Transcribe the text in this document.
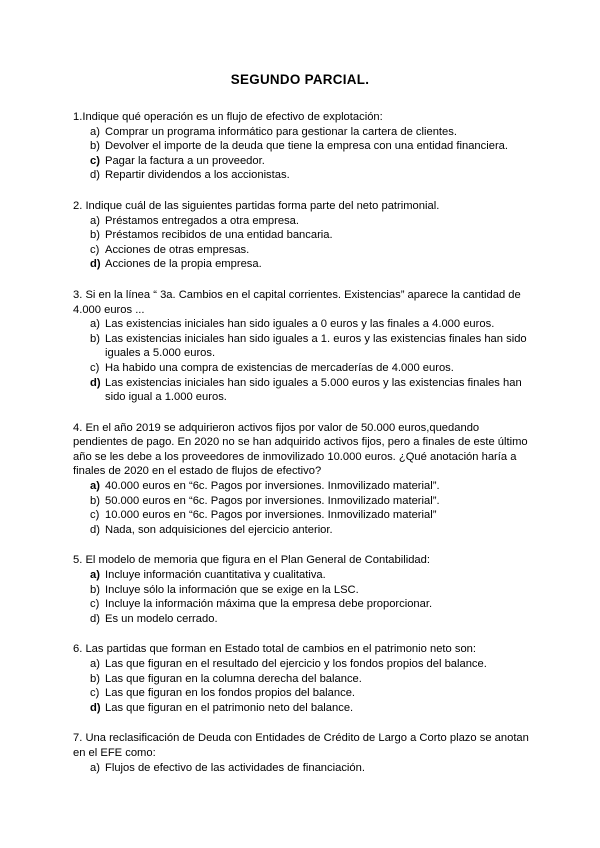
SEGUNDO PARCIAL.

1.Indique qué operación es un flujo de efectivo de explotación:

a) Comprar un programa informático para gestionar la cartera de clientes.
b) Devolver el importe de la deuda que tiene la empresa con una entidad financiera.
c) Pagar la factura a un proveedor.
d) Repartir dividendos a los accionistas.

2. Indique cuál de las siguientes partidas forma parte del neto patrimonial.

a) Préstamos entregados a otra empresa.
b) Préstamos recibidos de una entidad bancaria.
c) Acciones de otras empresas.
d) Acciones de la propia empresa.

3. Si en la línea “ 3a. Cambios en el capital corrientes. Existencias” aparece la cantidad de 4.000 euros ...

a) Las existencias iniciales han sido iguales a 0 euros y las finales a 4.000 euros.
b) Las existencias iniciales han sido iguales a 1. euros y las existencias finales han sido iguales a 5.000 euros.
c) Ha habido una compra de existencias de mercaderías de 4.000 euros.
d) Las existencias iniciales han sido iguales a 5.000 euros y las existencias finales han sido igual a 1.000 euros.

4. En el año 2019 se adquirieron activos fijos por valor de 50.000 euros,quedando pendientes de pago. En 2020 no se han adquirido activos fijos, pero a finales de este último año se les debe a los proveedores de inmovilizado 10.000 euros. ¿Qué anotación haría a finales de 2020 en el estado de flujos de efectivo?

a) 40.000 euros en “6c. Pagos por inversiones. Inmovilizado material”.
b) 50.000 euros en “6c. Pagos por inversiones. Inmovilizado material”.
c) 10.000 euros en “6c. Pagos por inversiones. Inmovilizado material”
d) Nada, son adquisiciones del ejercicio anterior.

5. El modelo de memoria que figura en el Plan General de Contabilidad:

a) Incluye información cuantitativa y cualitativa.
b) Incluye sólo la información que se exige en la LSC.
c) Incluye la información máxima que la empresa debe proporcionar.
d) Es un modelo cerrado.

6. Las partidas que forman en Estado total de cambios en el patrimonio neto son:

a) Las que figuran en el resultado del ejercicio y los fondos propios del balance.
b) Las que figuran en la columna derecha del balance.
c) Las que figuran en los fondos propios del balance.
d) Las que figuran en el patrimonio neto del balance.

7. Una reclasificación de Deuda con Entidades de Crédito de Largo a Corto plazo se anotan en el EFE como:

a) Flujos de efectivo de las actividades de financiación.
